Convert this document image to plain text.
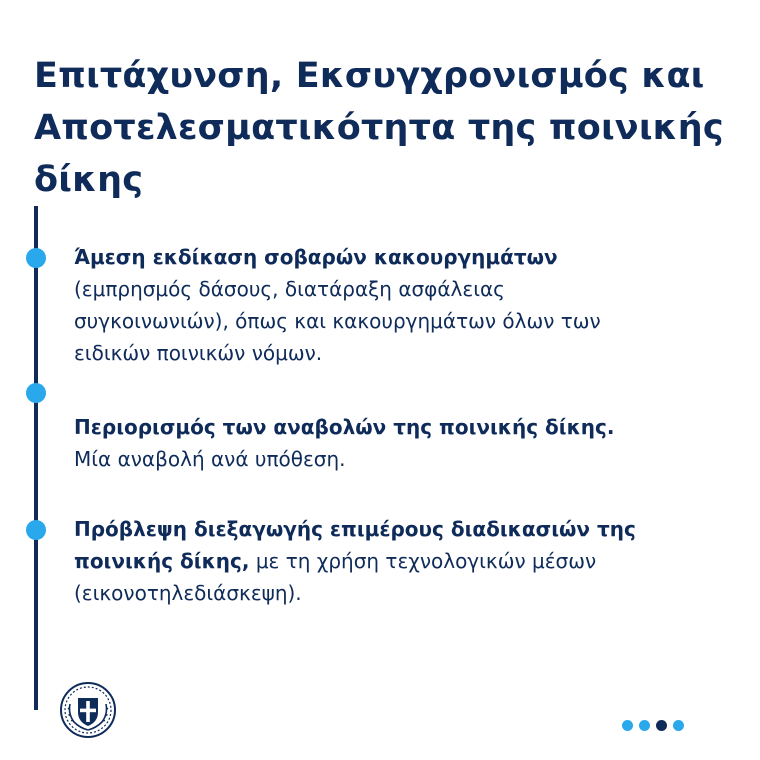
Επιτάχυνση, Εκσυγχρονισμός και
Αποτελεσματικότητα της ποινικής
δίκης
Άμεση εκδίκαση σοβαρών κακουργημάτων
(εμπρησμός δάσους, διατάραξη ασφάλειας
συγκοινωνιών), όπως και κακουργημάτων όλων των
ειδικών ποινικών νόμων.
Περιορισμός των αναβολών της ποινικής δίκης.
Μία αναβολή ανά υπόθεση.
Πρόβλεψη διεξαγωγής επιμέρους διαδικασιών της
ποινικής δίκης, με τη χρήση τεχνολογικών μέσων
(εικονοτηλεδιάσκεψη).
